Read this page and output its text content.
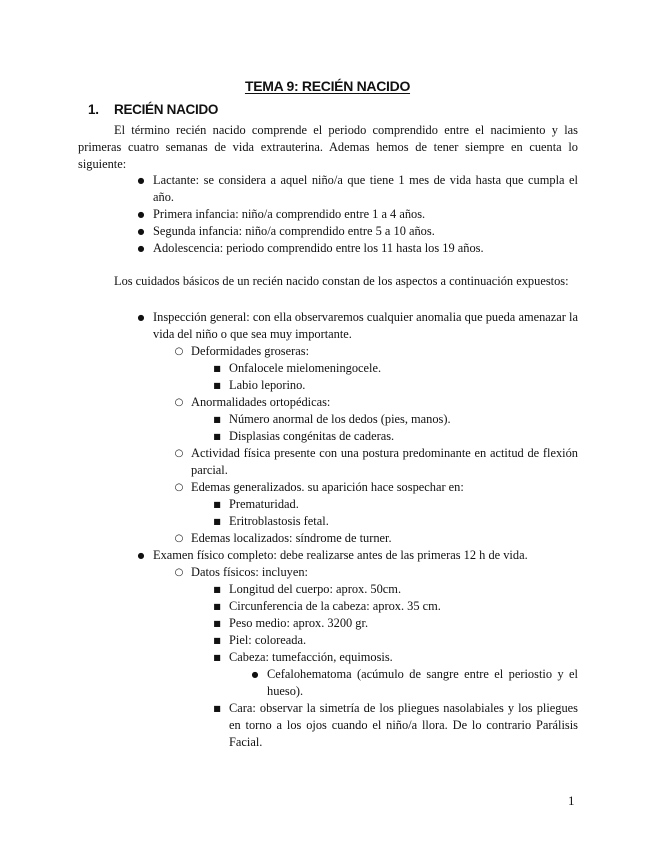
TEMA 9: RECIÉN NACIDO
1. RECIÉN NACIDO

El término recién nacido comprende el periodo comprendido entre el nacimiento y las primeras cuatro semanas de vida extrauterina. Ademas hemos de tener siempre en cuenta lo siguiente:

● Lactante: se considera a aquel niño/a que tiene 1 mes de vida hasta que cumpla el año.
● Primera infancia: niño/a comprendido entre 1 a 4 años.
● Segunda infancia: niño/a comprendido entre 5 a 10 años.
● Adolescencia: periodo comprendido entre los 11 hasta los 19 años.

Los cuidados básicos de un recién nacido constan de los aspectos a continuación expuestos:

● Inspección general: con ella observaremos cualquier anomalia que pueda amenazar la vida del niño o que sea muy importante.
○ Deformidades groseras:
■ Onfalocele mielomeningocele.
■ Labio leporino.
○ Anormalidades ortopédicas:
■ Número anormal de los dedos (pies, manos).
■ Displasias congénitas de caderas.
○ Actividad física presente con una postura predominante en actitud de flexión parcial.
○ Edemas generalizados. su aparición hace sospechar en:
■ Prematuridad.
■ Eritroblastosis fetal.
○ Edemas localizados: síndrome de turner.
● Examen físico completo: debe realizarse antes de las primeras 12 h de vida.
○ Datos físicos: incluyen:
■ Longitud del cuerpo: aprox. 50cm.
■ Circunferencia de la cabeza: aprox. 35 cm.
■ Peso medio: aprox. 3200 gr.
■ Piel: coloreada.
■ Cabeza: tumefacción, equimosis.
● Cefalohematoma (acúmulo de sangre entre el periostio y el hueso).
■ Cara: observar la simetría de los pliegues nasolabiales y los pliegues en torno a los ojos cuando el niño/a llora. De lo contrario Parálisis Facial.
1
